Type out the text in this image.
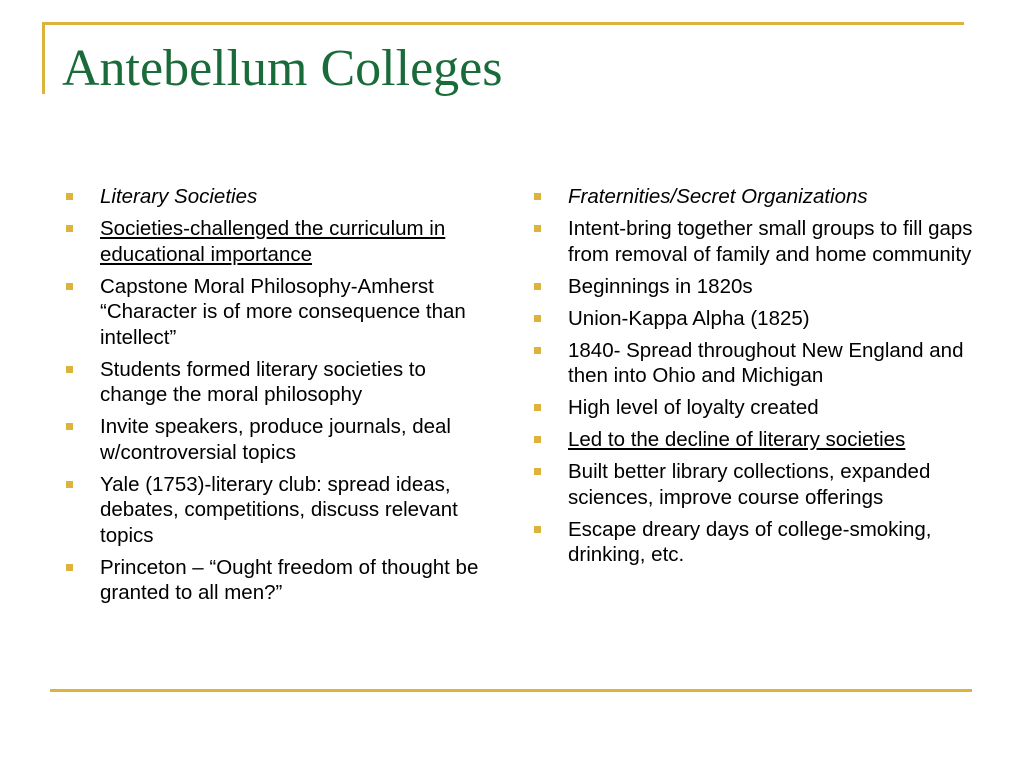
Antebellum Colleges
Literary Societies
Societies-challenged the curriculum in educational importance
Capstone Moral Philosophy-Amherst “Character is of more consequence than intellect”
Students formed literary societies to change the moral philosophy
Invite speakers, produce journals, deal w/controversial topics
Yale (1753)-literary club: spread ideas, debates, competitions, discuss relevant topics
Princeton – “Ought freedom of thought be granted to all men?”
Fraternities/Secret Organizations
Intent-bring together small groups to fill gaps from removal of family and home community
Beginnings in 1820s
Union-Kappa Alpha (1825)
1840- Spread throughout New England and then into Ohio and Michigan
High level of loyalty created
Led to the decline of literary societies
Built better library collections, expanded sciences, improve course offerings
Escape dreary days of college-smoking, drinking, etc.
